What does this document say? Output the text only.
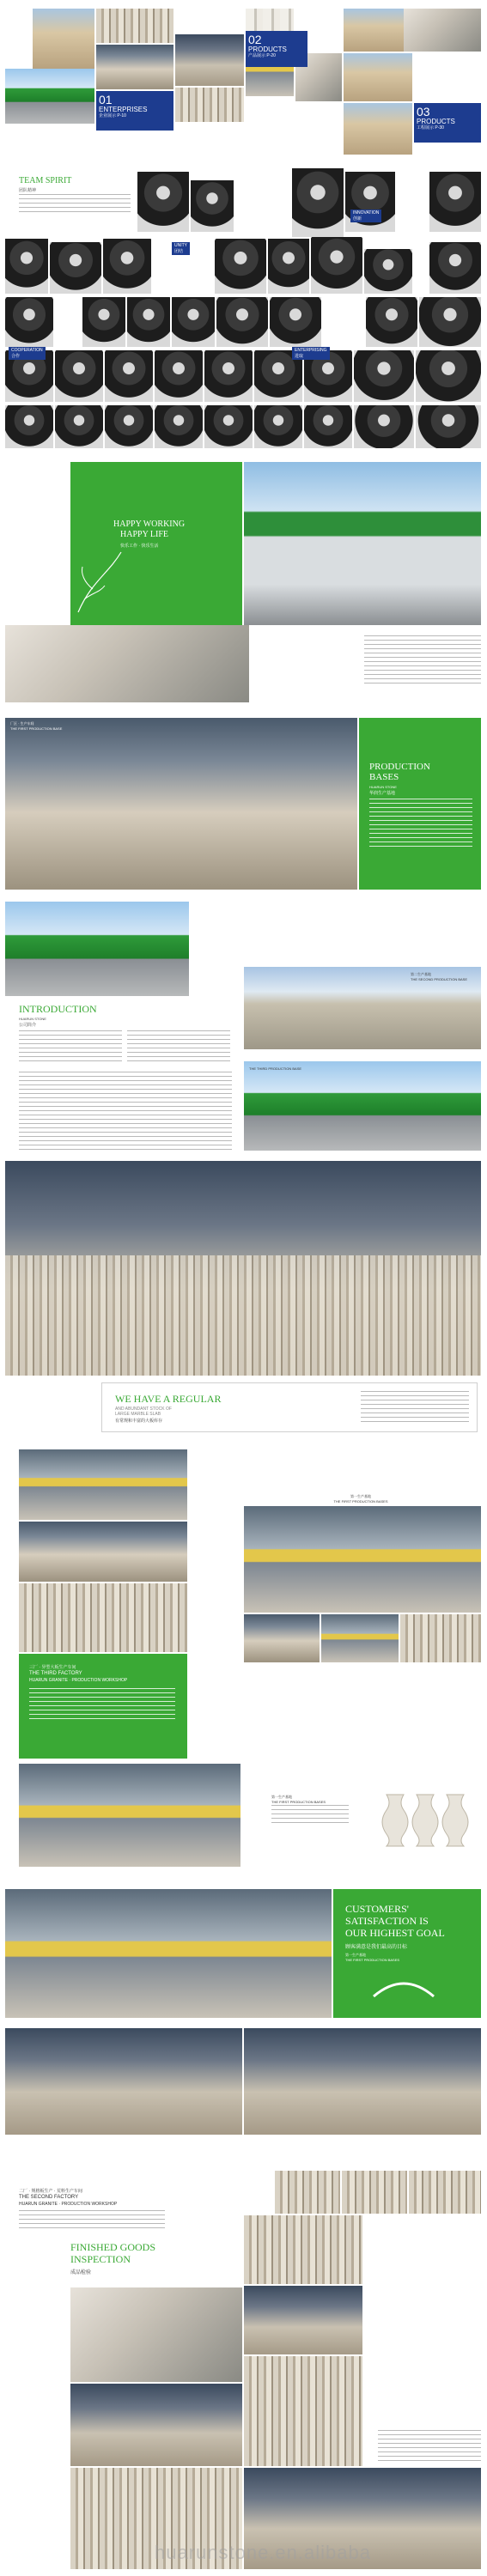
02
PRODUCTS
产品展示 P-20
01
ENTERPRISES
企业展示 P-10	03
PRODUCTS
工程展示 P-30
TEAM SPIRIT
团队精神
UNITY
团结
INNOVATION
创新
COOPERATION
合作
ENTERPRISING
进取
HAPPY WORKING
HAPPY LIFE
快乐工作 · 快乐生活
厂区 · 生产车间
THE FIRST PRODUCTION BASE
PRODUCTION
BASES
HUARUN STONE
华润生产基地
INTRODUCTION
HUARUN STONE
公司简介
第二生产基地
THE SECOND PRODUCTION BASE
THE THIRD PRODUCTION BASE
WE HAVE A REGULAR
AND ABUNDANT STOCK OF
LARGE MARBLE SLAB
有常规和丰富的大板库存
第一生产基地
THE FIRST PRODUCTION BASES
三厂 · 异型大板生产车间
THE THIRD FACTORY
HUARUN GRANITE · PRODUCTION WORKSHOP
第一生产基地
THE FIRST PRODUCTION BASES
CUSTOMERS'
SATISFACTION IS
OUR HIGHEST GOAL
顾客满意是我们最高的目标
第一生产基地
THE FIRST PRODUCTION BASES
二厂 · 规格板生产 · 荒料生产车间
THE SECOND FACTORY
HUARUN GRANITE · PRODUCTION WORKSHOP
FINISHED GOODS
INSPECTION
成品检验
huarunstone.en.alibaba
